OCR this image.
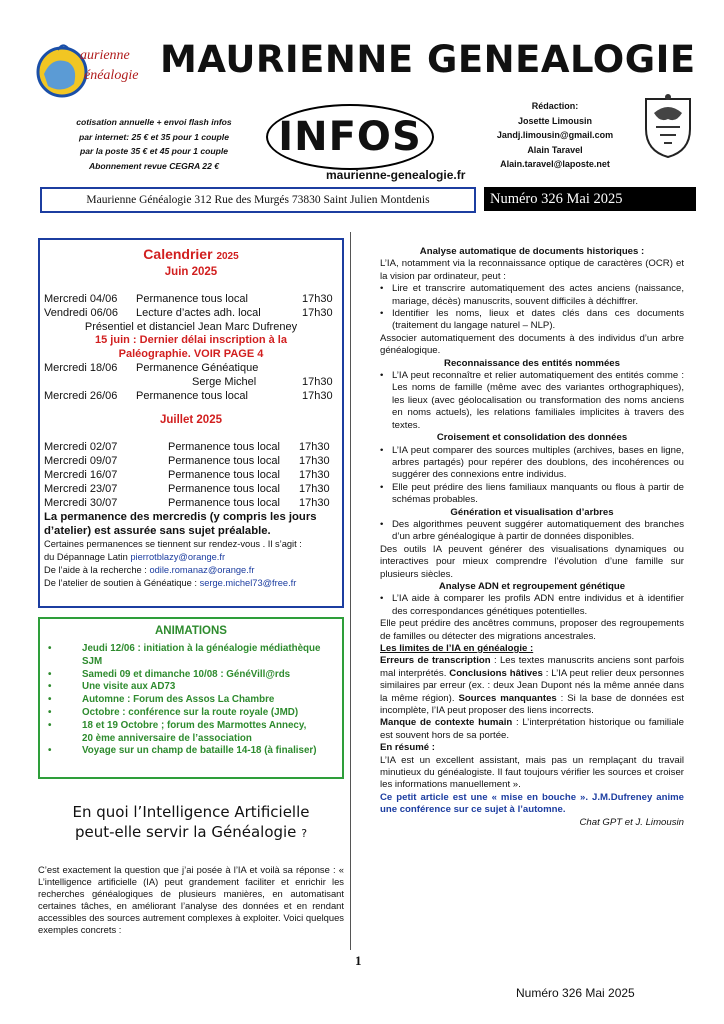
aurienne
énéalogie MAURIENNE GENEALOGIE
cotisation annuelle + envoi flash infos
par internet: 25 € et 35 pour 1 couple
par la poste 35 € et 45 pour 1 couple
Abonnement revue CEGRA 22 €
INFOS
Rédaction:
Josette Limousin
Jandj.limousin@gmail.com
Alain Taravel
Alain.taravel@laposte.net
maurienne-genealogie.fr
Maurienne Généalogie 312 Rue des Murgés 73830 Saint Julien Montdenis	Numéro 326 Mai 2025
Calendrier 2025
Juin 2025
Mercredi 04/06	Permanence tous local	17h30
Vendredi 06/06	Lecture d’actes adh. local	17h30
Présentiel et distanciel Jean Marc Dufreney
15 juin : Dernier délai inscription à la
Paléographie. VOIR PAGE 4
Mercredi 18/06	Permanence Généatique
Serge Michel	17h30
Mercredi 26/06	Permanence tous local	17h30
Juillet 2025
Mercredi 02/07	Permanence tous local	17h30
Mercredi 09/07	Permanence tous local	17h30
Mercredi 16/07	Permanence tous local	17h30
Mercredi 23/07	Permanence tous local	17h30
Mercredi 30/07	Permanence tous local	17h30
La permanence des mercredis (y compris les jours d’atelier) est assurée sans sujet préalable.
Certaines permanences se tiennent sur rendez-vous . Il s’agit :
du Dépannage Latin pierrotblazy@orange.fr
De l’aide à la recherche : odile.romanaz@orange.fr
De l’atelier de soutien à Généatique : serge.michel73@free.fr
ANIMATIONS
•	Jeudi 12/06 : initiation à la généalogie médiathèque
SJM
•	Samedi 09 et dimanche 10/08 : GénéVill@rds
•	Une visite aux AD73
•	Automne : Forum des Assos La Chambre
•	Octobre : conférence sur la route royale (JMD)
•	18 et 19 Octobre ; forum des Marmottes Annecy,
20 ème anniversaire de l’association
•	Voyage sur un champ de bataille 14-18 (à finaliser)
En quoi l’Intelligence Artificielle
peut-elle servir la Généalogie ?
C’est exactement la question que j’ai posée à l’IA et voilà sa réponse : « L’intelligence artificielle (IA) peut grandement faciliter et enrichir les recherches généalogiques de plusieurs manières, en automatisant certaines tâches, en améliorant l’analyse des données et en rendant accessibles des sources autrement complexes à exploiter. Voici quelques exemples concrets :
1
Numéro 326 Mai 2025

Analyse automatique de documents historiques :

L’IA, notamment via la reconnaissance optique de caractères (OCR) et la vision par ordinateur, peut :

• Lire et transcrire automatiquement des actes anciens (naissance, mariage, décès) manuscrits, souvent difficiles à déchiffrer.
• Identifier les noms, lieux et dates clés dans ces documents (traitement du langage naturel – NLP).

Associer automatiquement des documents à des individus d’un arbre généalogique.

Reconnaissance des entités nommées

• L’IA peut reconnaître et relier automatiquement des entités comme : Les noms de famille (même avec des variantes orthographiques), les lieux (avec géolocalisation ou transformation des noms anciens en noms actuels), les relations familiales implicites à travers des textes.

Croisement et consolidation des données

• L’IA peut comparer des sources multiples (archives, bases en ligne, arbres partagés) pour repérer des doublons, des incohérences ou suggérer des connexions entre individus.
• Elle peut prédire des liens familiaux manquants ou flous à partir de schémas probables.

Génération et visualisation d’arbres

• Des algorithmes peuvent suggérer automatiquement des branches d’un arbre généalogique à partir de données disponibles.

Des outils IA peuvent générer des visualisations dynamiques ou interactives pour mieux comprendre l’évolution d’une famille sur plusieurs siècles.

Analyse ADN et regroupement génétique

• L’IA aide à comparer les profils ADN entre individus et à identifier des correspondances génétiques potentielles.

Elle peut prédire des ancêtres communs, proposer des regroupements de familles ou détecter des migrations ancestrales.

Les limites de l’IA en généalogie :

Erreurs de transcription : Les textes manuscrits anciens sont parfois mal interprétés. Conclusions hâtives : L’IA peut relier deux personnes similaires par erreur (ex. : deux Jean Dupont nés la même année dans la même région). Sources manquantes : Si la base de données est incomplète, l’IA peut proposer des liens incorrects.

Manque de contexte humain : L’interprétation historique ou familiale est souvent hors de sa portée.

En résumé :

L’IA est un excellent assistant, mais pas un remplaçant du travail minutieux du généalogiste. Il faut toujours vérifier les sources et croiser les informations manuellement ».

Ce petit article est une « mise en bouche ». J.M.Dufreney anime une conférence sur ce sujet à l’automne.

Chat GPT et J. Limousin
